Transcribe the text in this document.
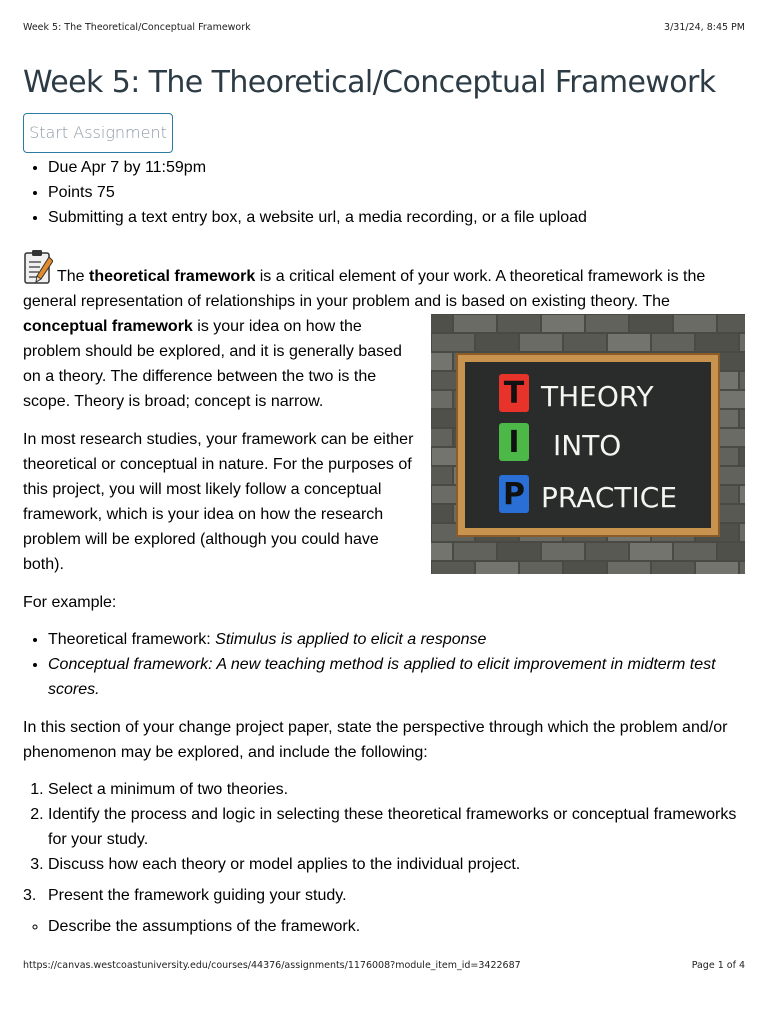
Week 5: The Theoretical/Conceptual Framework	3/31/24, 8:45 PM
Week 5: The Theoretical/Conceptual Framework
Start Assignment
• Due Apr 7 by 11:59pm
• Points 75
• Submitting a text entry box, a website url, a media recording, or a file upload

The theoretical framework is a critical element of your work. A theoretical framework is the general representation of relationships in your problem and is based on existing theory. The
T THEORY
I INTO
P PRACTICE
conceptual framework is your idea on how the problem should be explored, and it is generally based on a theory. The difference between the two is the scope. Theory is broad; concept is narrow.

In most research studies, your framework can be either theoretical or conceptual in nature. For the purposes of this project, you will most likely follow a conceptual framework, which is your idea on how the research problem will be explored (although you could have both).

For example:

• Theoretical framework: Stimulus is applied to elicit a response
• Conceptual framework: A new teaching method is applied to elicit improvement in midterm test scores.

In this section of your change project paper, state the perspective through which the problem and/or phenomenon may be explored, and include the following:

1. Select a minimum of two theories.
2. Identify the process and logic in selecting these theoretical frameworks or conceptual frameworks for your study.
3. Discuss how each theory or model applies to the individual project.
3. Present the framework guiding your study.
◦ Describe the assumptions of the framework.
https://canvas.westcoastuniversity.edu/courses/44376/assignments/1176008?module_item_id=3422687	Page 1 of 4
